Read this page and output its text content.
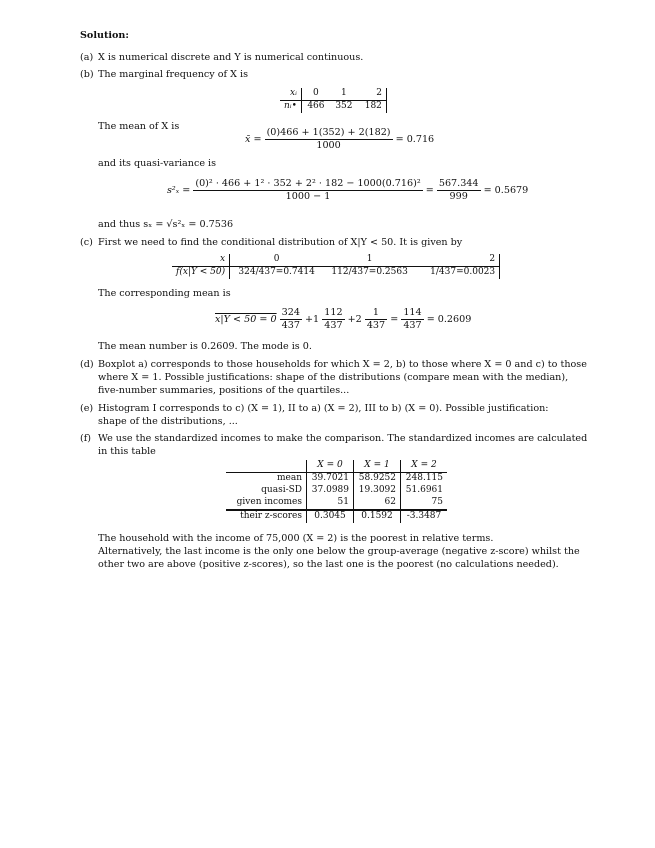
Solution:
(a) X is numerical discrete and Y is numerical continuous.
(b) The marginal frequency of X is
xᵢ	0	1	2
nᵢ•	466	352	182
The mean of X is
x̄ = $\frac{(0)466 + 1(352) + 2(182)}{1000} = 0.716$
and its quasi-variance is
$s^2_x = \frac{\text{(0)² · 466 + 1² · 352 + 2² · 182 − 1000(0.716)²}}{1000 - 1} = \frac{567.344}{999} = 0.5679$
and thus sₓ = √s²ₓ = 0.7536
(c) First we need to find the conditional distribution of X|Y < 50. It is given by
x	0	1	2
f(x|Y < 50)	324/437=0.7414	112/437=0.2563	1/437=0.0023
The corresponding mean is
$x|Y < 50 = 0 \frac{324}{437} +1 \frac{112}{437} +2 \frac{1}{437} = \frac{114}{437} = 0.2609$
The mean number is 0.2609. The mode is 0.
(d) Boxplot a) corresponds to those households for which X = 2, b) to those where X = 0 and c) to those
where X = 1. Possible justifications: shape of the distributions (compare mean with the median),
five-number summaries, positions of the quartiles...
(e) Histogram I corresponds to c) (X = 1), II to a) (X = 2), III to b) (X = 0). Possible justification:
shape of the distributions, ...
(f) We use the standardized incomes to make the comparison. The standardized incomes are calculated
in this table
	X = 0	X = 1	X = 2
mean	39.7021	58.9252	248.115
quasi-SD	37.0989	19.3092	51.6961
given incomes	51	62	75
their z-scores	0.3045	0.1592	-3.3487
The household with the income of 75,000 (X = 2) is the poorest in relative terms.
Alternatively, the last income is the only one below the group-average (negative z-score) whilst the
other two are above (positive z-scores), so the last one is the poorest (no calculations needed).
